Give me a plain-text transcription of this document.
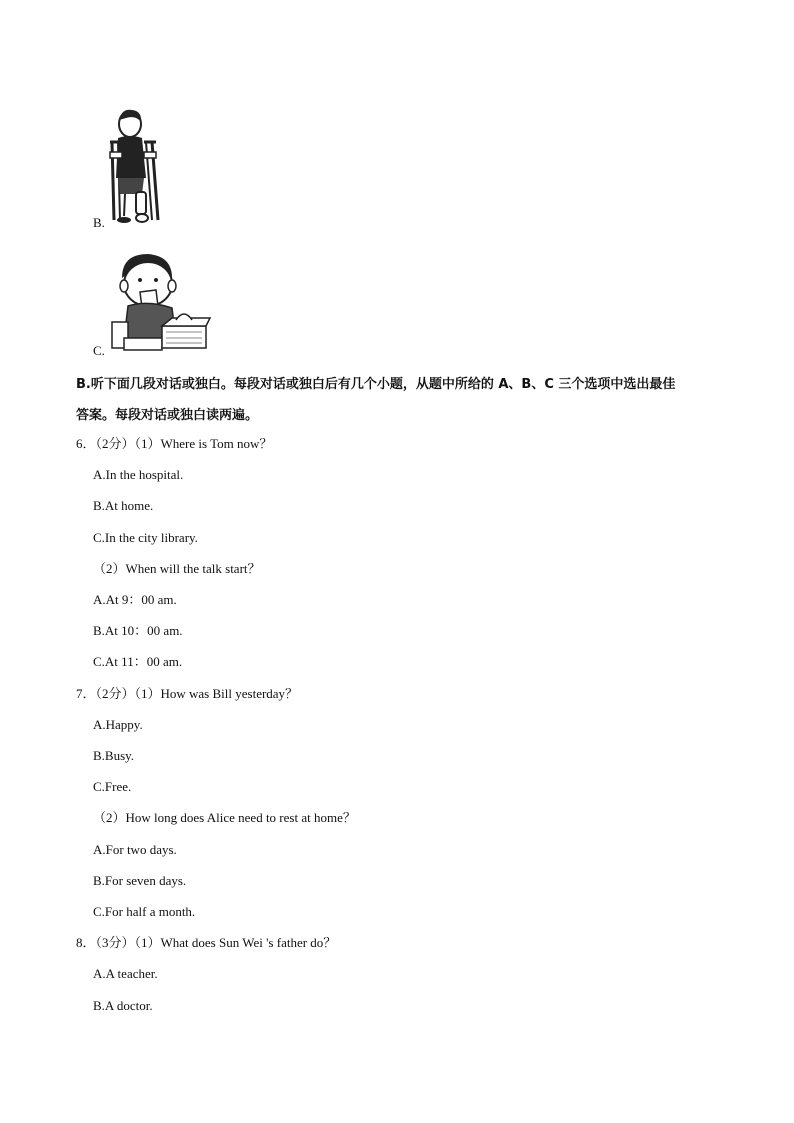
B.
C.
B.听下面几段对话或独白。每段对话或独白后有几个小题，从题中所给的 A、B、C 三个选项中选出最佳
答案。每段对话或独白读两遍。
6．（2分）（1）Where is Tom now？
A.In the hospital.
B.At home.
C.In the city library.
（2）When will the talk start？
A.At 9：00 am.
B.At 10：00 am.
C.At 11：00 am.
7．（2分）（1）How was Bill yesterday？
A.Happy.
B.Busy.
C.Free.
（2）How long does Alice need to rest at home？
A.For two days.
B.For seven days.
C.For half a month.
8．（3分）（1）What does Sun Wei 's father do？
A.A teacher.
B.A doctor.
